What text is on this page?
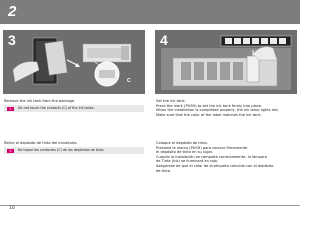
2
3
C
4
Remove the ink tank from the package.
✎	Do not touch the contacts (C) of the ink tanks.
Retire el depósito de tinta del envoltorio.
✎	No toque los contactos (C) de los depósitos de tinta.
Set the ink tank.
Press the mark (PUSH) to set the ink tank firmly into place.
When the installation is completed properly, the ink lamp lights red.
Make sure that the color of the label matches the ink tank.
Coloque el depósito de tinta.
Presione la marca (PUSH) para colocar firmemente
el depósito de tinta en su lugar.
Cuando la instalación se complete correctamente, la lámpara
de Tinta (Ink) se iluminará en rojo.
Asegúrese de que el color de la etiqueta coincida con el depósito
de tinta.
10
